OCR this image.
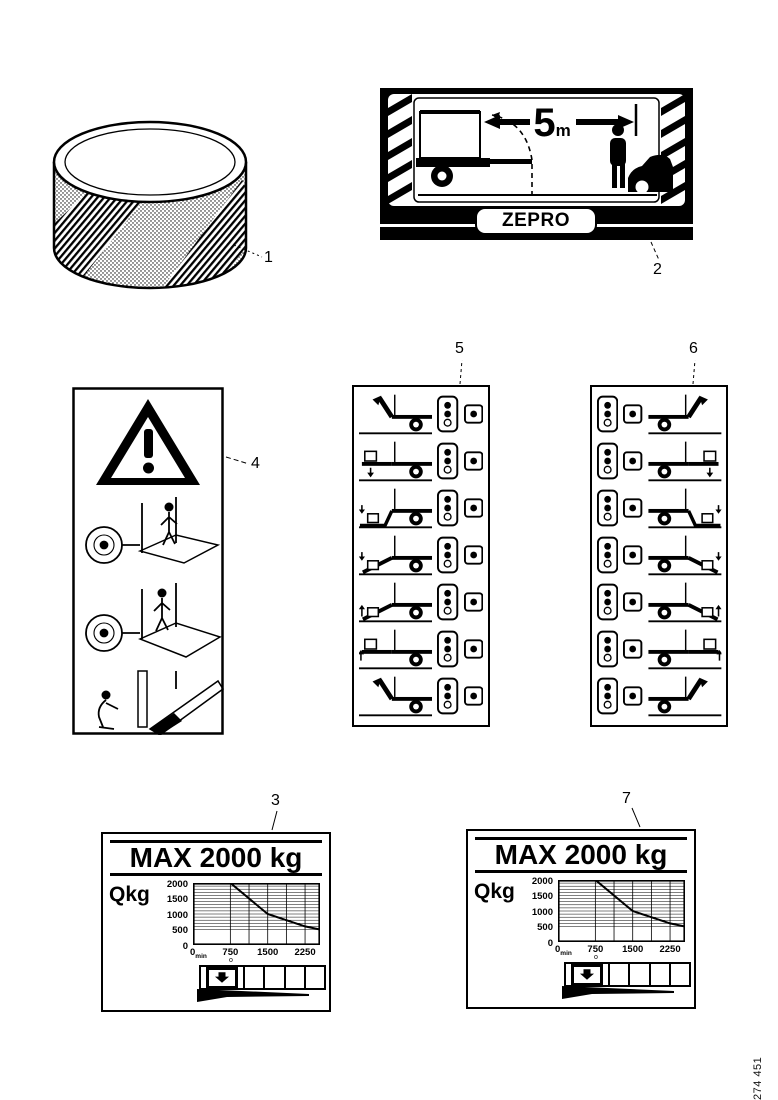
5m
ZEPRO
MAX 2000 kg
Qkg	2000
1500
1000
500
0
$0_{min}$	750	1500	2250
o
MAX 2000 kg
Qkg	2000
1500
1000
500
0
$0_{min}$	750	1500	2250
o
1
2
3
4
5	6
7
274 451
